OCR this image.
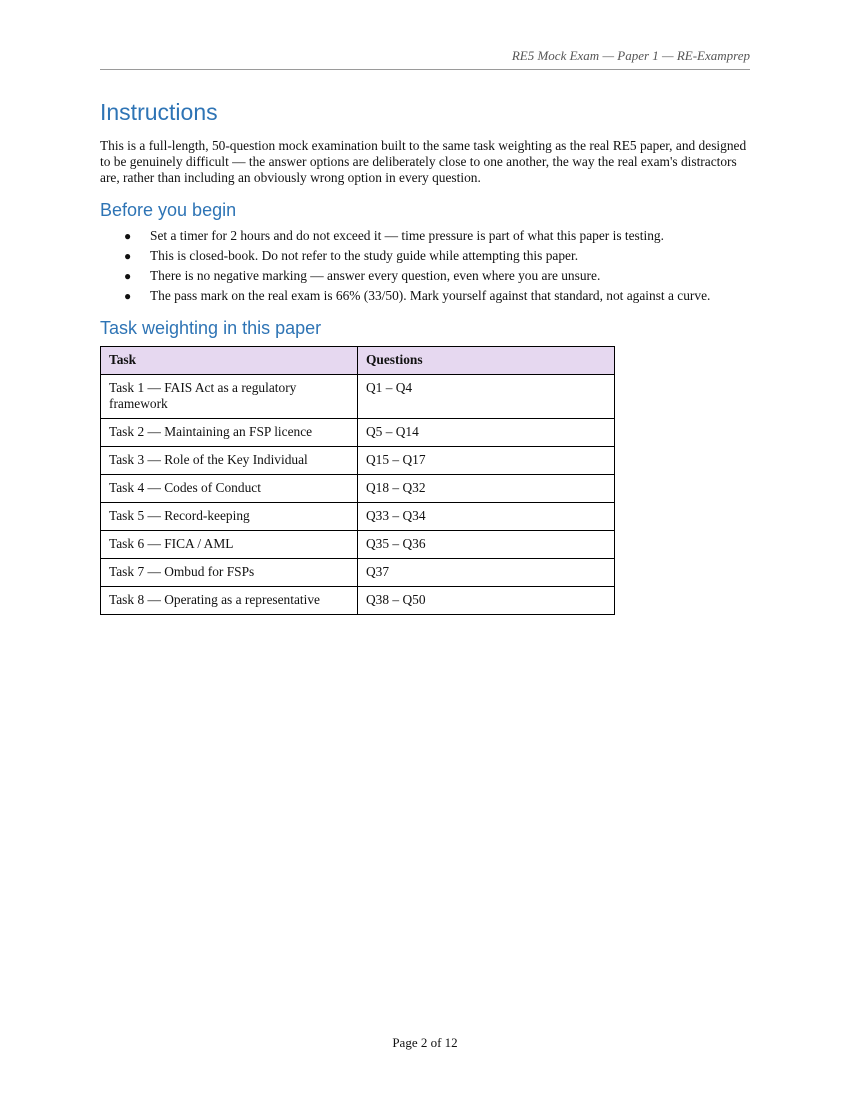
RE5 Mock Exam — Paper 1 — RE-Examprep
Instructions

This is a full-length, 50-question mock examination built to the same task weighting as the real RE5 paper, and designed to be genuinely difficult — the answer options are deliberately close to one another, the way the real exam's distractors are, rather than including an obviously wrong option in every question.

Before you begin
● Set a timer for 2 hours and do not exceed it — time pressure is part of what this paper is testing.
● This is closed-book. Do not refer to the study guide while attempting this paper.
● There is no negative marking — answer every question, even where you are unsure.
● The pass mark on the real exam is 66% (33/50). Mark yourself against that standard, not against a curve.
Task weighting in this paper
Task	Questions
Task 1 — FAIS Act as a regulatory framework	Q1 – Q4
Task 2 — Maintaining an FSP licence	Q5 – Q14
Task 3 — Role of the Key Individual	Q15 – Q17
Task 4 — Codes of Conduct	Q18 – Q32
Task 5 — Record-keeping	Q33 – Q34
Task 6 — FICA / AML	Q35 – Q36
Task 7 — Ombud for FSPs	Q37
Task 8 — Operating as a representative	Q38 – Q50
Page 2 of 12
